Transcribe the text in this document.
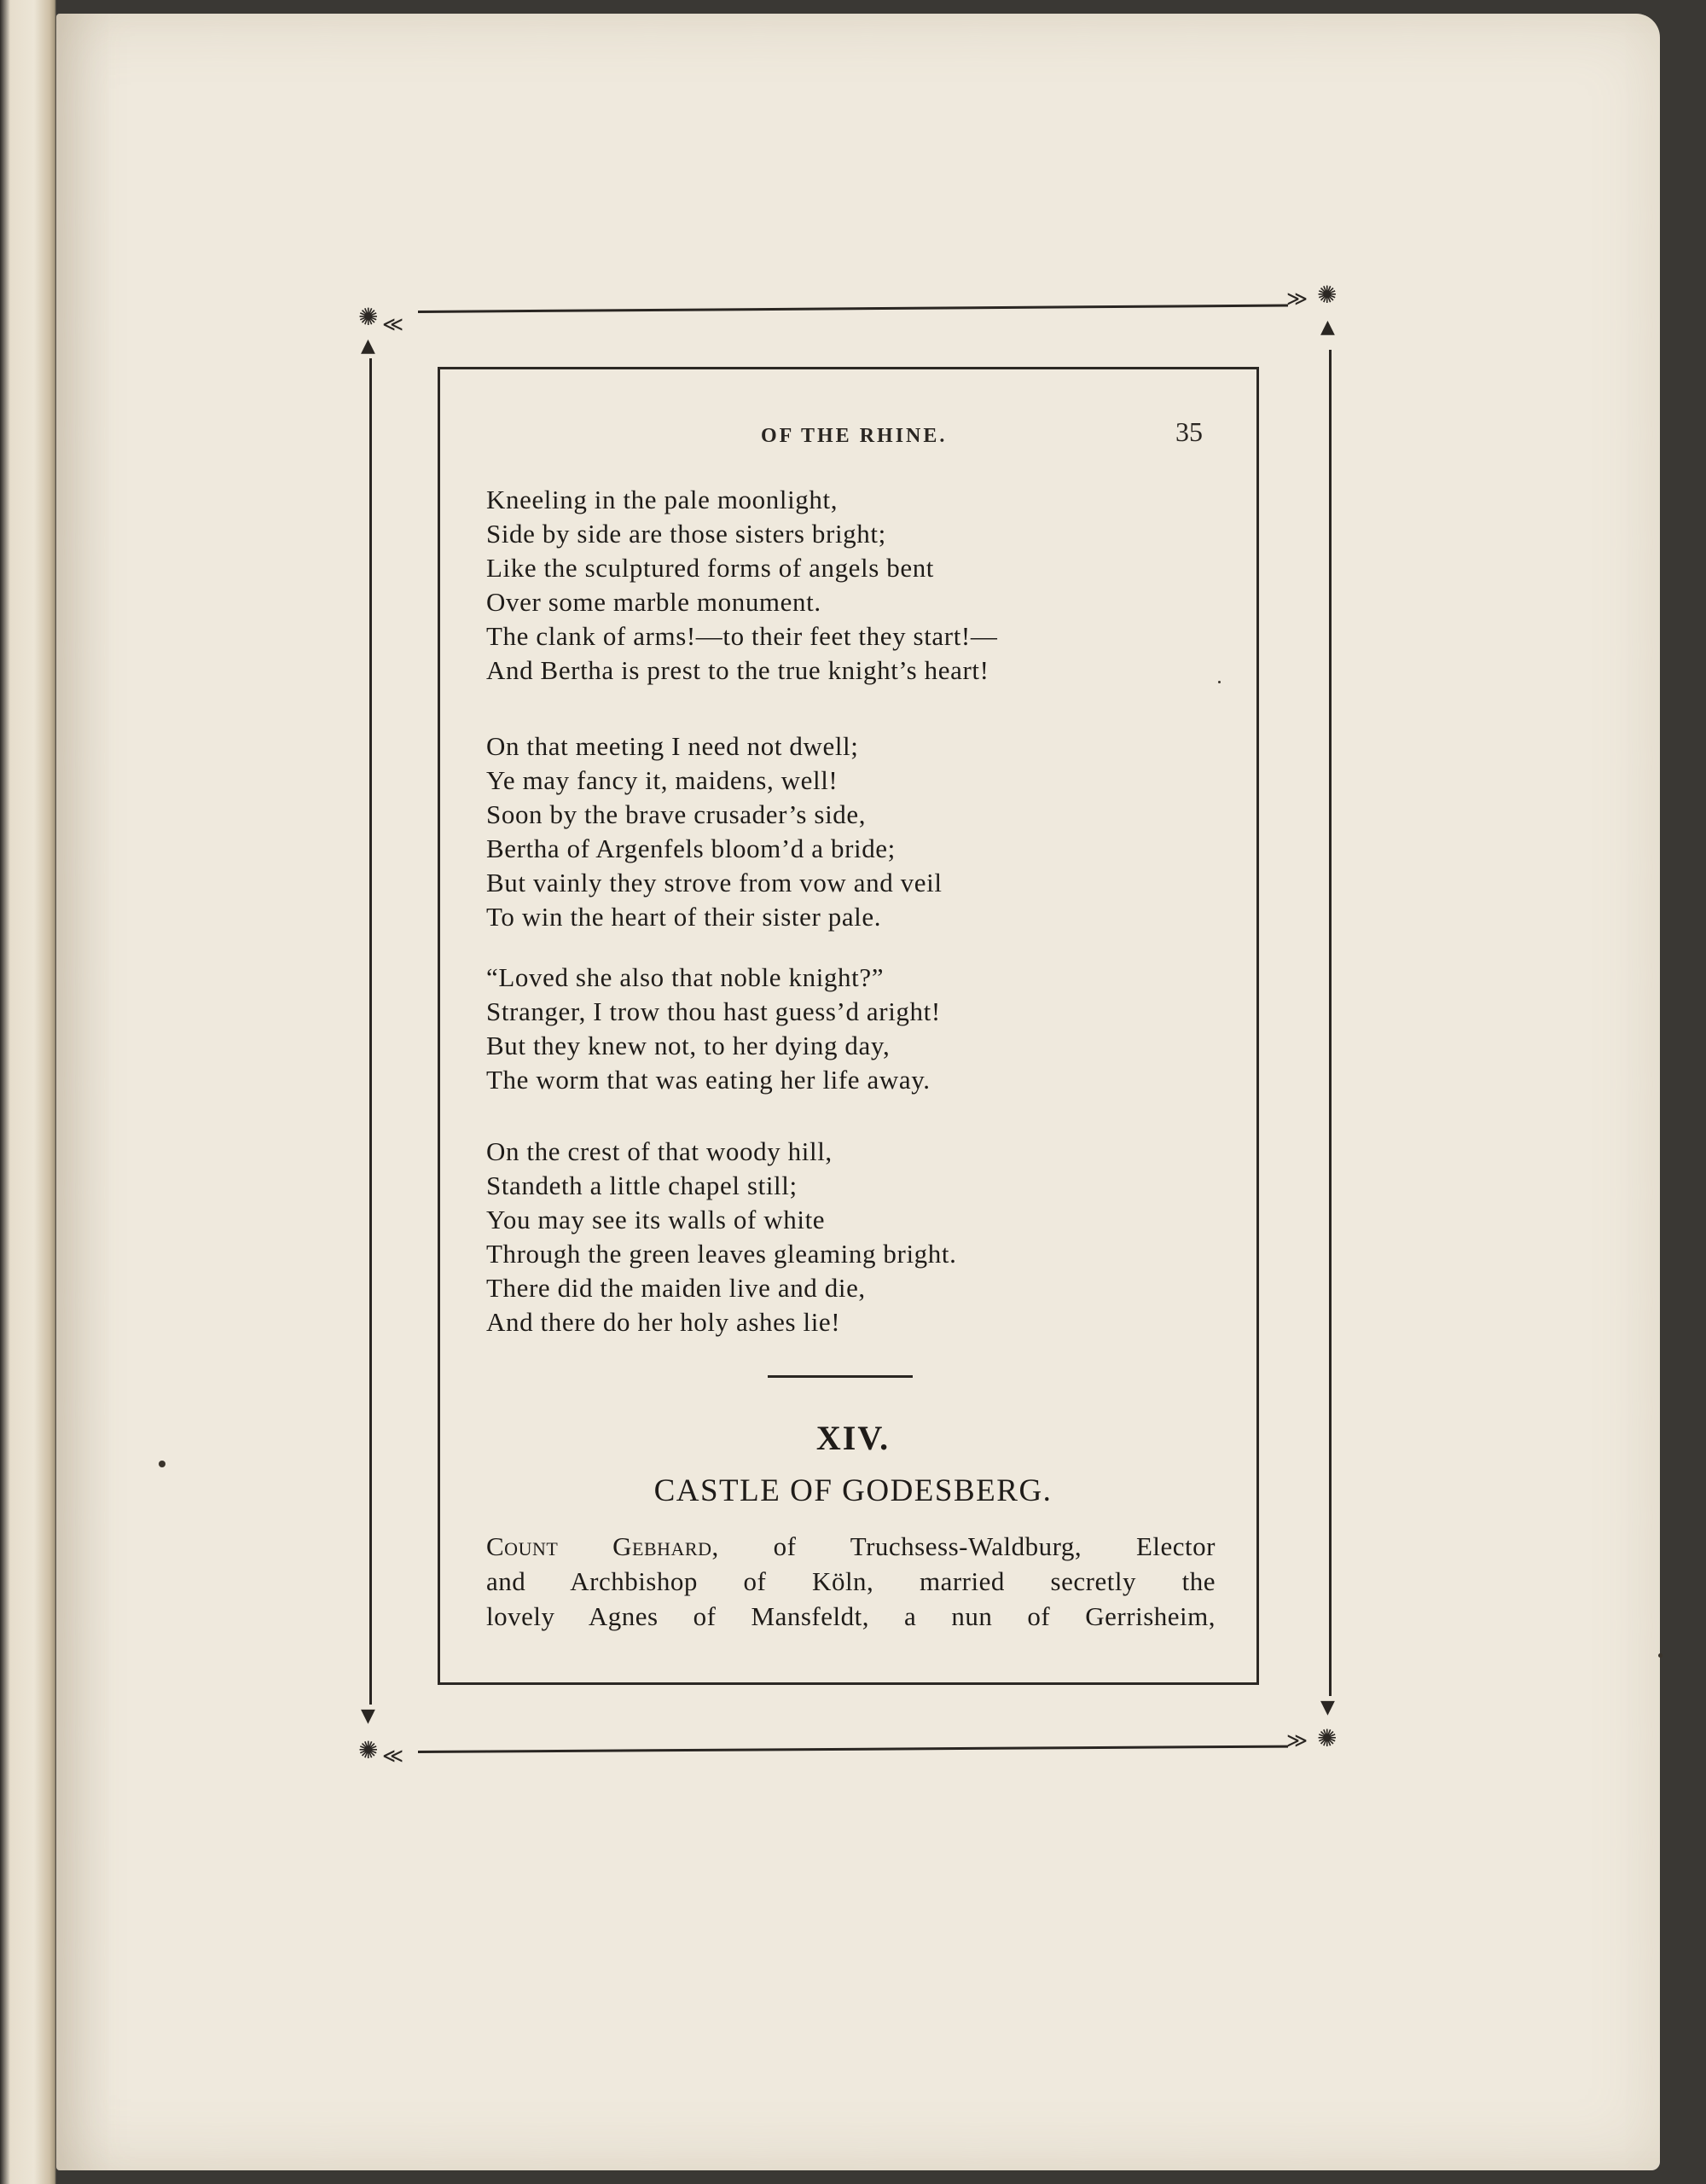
✺ ≪
▲
≫ ✺
▲
▼
✺ ≪
▼
≫ ✺
OF THE RHINE.	35
Kneeling in the pale moonlight,
Side by side are those sisters bright;
Like the sculptured forms of angels bent
Over some marble monument.
The clank of arms!—to their feet they start!—
And Bertha is prest to the true knight’s heart!
On that meeting I need not dwell;
Ye may fancy it, maidens, well!
Soon by the brave crusader’s side,
Bertha of Argenfels bloom’d a bride;
But vainly they strove from vow and veil
To win the heart of their sister pale.
“Loved she also that noble knight?”
Stranger, I trow thou hast guess’d aright!
But they knew not, to her dying day,
The worm that was eating her life away.
On the crest of that woody hill,
Standeth a little chapel still;
You may see its walls of white
Through the green leaves gleaming bright.
There did the maiden live and die,
And there do her holy ashes lie!
XIV.
CASTLE OF GODESBERG.
Count Gebhard, of Truchsess-Waldburg, Elector
and Archbishop of Köln, married secretly the
lovely Agnes of Mansfeldt, a nun of Gerrisheim,
